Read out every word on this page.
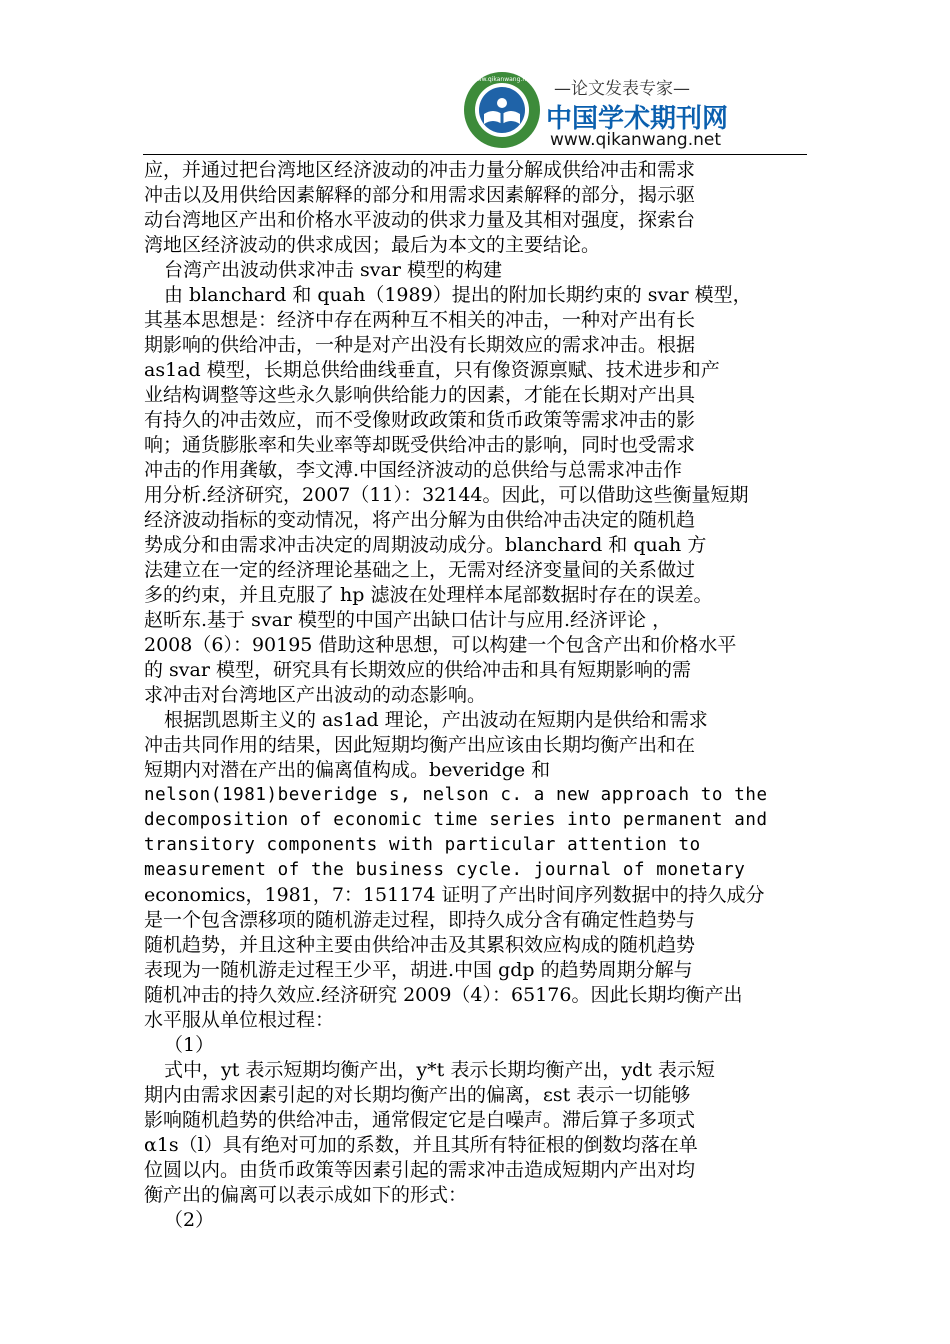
www.qikanwang.net —论文发表专家—
中国学术期刊网
www.qikanwang.net
应，并通过把台湾地区经济波动的冲击力量分解成供给冲击和需求
冲击以及用供给因素解释的部分和用需求因素解释的部分，揭示驱
动台湾地区产出和价格水平波动的供求力量及其相对强度，探索台
湾地区经济波动的供求成因；最后为本文的主要结论。
台湾产出波动供求冲击 svar 模型的构建
由 blanchard 和 quah（1989）提出的附加长期约束的 svar 模型，
其基本思想是：经济中存在两种互不相关的冲击，一种对产出有长
期影响的供给冲击，一种是对产出没有长期效应的需求冲击。根据
as1ad 模型，长期总供给曲线垂直，只有像资源禀赋、技术进步和产
业结构调整等这些永久影响供给能力的因素，才能在长期对产出具
有持久的冲击效应，而不受像财政政策和货币政策等需求冲击的影
响；通货膨胀率和失业率等却既受供给冲击的影响，同时也受需求
冲击的作用龚敏，李文溥.中国经济波动的总供给与总需求冲击作
用分析.经济研究，2007（11）：32144。因此，可以借助这些衡量短期
经济波动指标的变动情况，将产出分解为由供给冲击决定的随机趋
势成分和由需求冲击决定的周期波动成分。blanchard 和 quah 方
法建立在一定的经济理论基础之上，无需对经济变量间的关系做过
多的约束，并且克服了 hp 滤波在处理样本尾部数据时存在的误差。
赵昕东.基于 svar 模型的中国产出缺口估计与应用.经济评论 ，
2008（6）：90195 借助这种思想，可以构建一个包含产出和价格水平
的 svar 模型，研究具有长期效应的供给冲击和具有短期影响的需
求冲击对台湾地区产出波动的动态影响。
根据凯恩斯主义的 as1ad 理论，产出波动在短期内是供给和需求
冲击共同作用的结果，因此短期均衡产出应该由长期均衡产出和在
短期内对潜在产出的偏离值构成。beveridge 和
nelson(1981)beveridge s, nelson c. a new approach to the
decomposition of economic time series into permanent and
transitory components with particular attention to
measurement of the business cycle. journal of monetary
economics，1981，7：151174 证明了产出时间序列数据中的持久成分
是一个包含漂移项的随机游走过程，即持久成分含有确定性趋势与
随机趋势，并且这种主要由供给冲击及其累积效应构成的随机趋势
表现为一随机游走过程王少平，胡进.中国 gdp 的趋势周期分解与
随机冲击的持久效应.经济研究 2009（4）：65176。因此长期均衡产出
水平服从单位根过程：
（1）
式中，yt 表示短期均衡产出，y*t 表示长期均衡产出，ydt 表示短
期内由需求因素引起的对长期均衡产出的偏离，εst 表示一切能够
影响随机趋势的供给冲击，通常假定它是白噪声。滞后算子多项式
α1s（l）具有绝对可加的系数，并且其所有特征根的倒数均落在单
位圆以内。由货币政策等因素引起的需求冲击造成短期内产出对均
衡产出的偏离可以表示成如下的形式：
（2）
